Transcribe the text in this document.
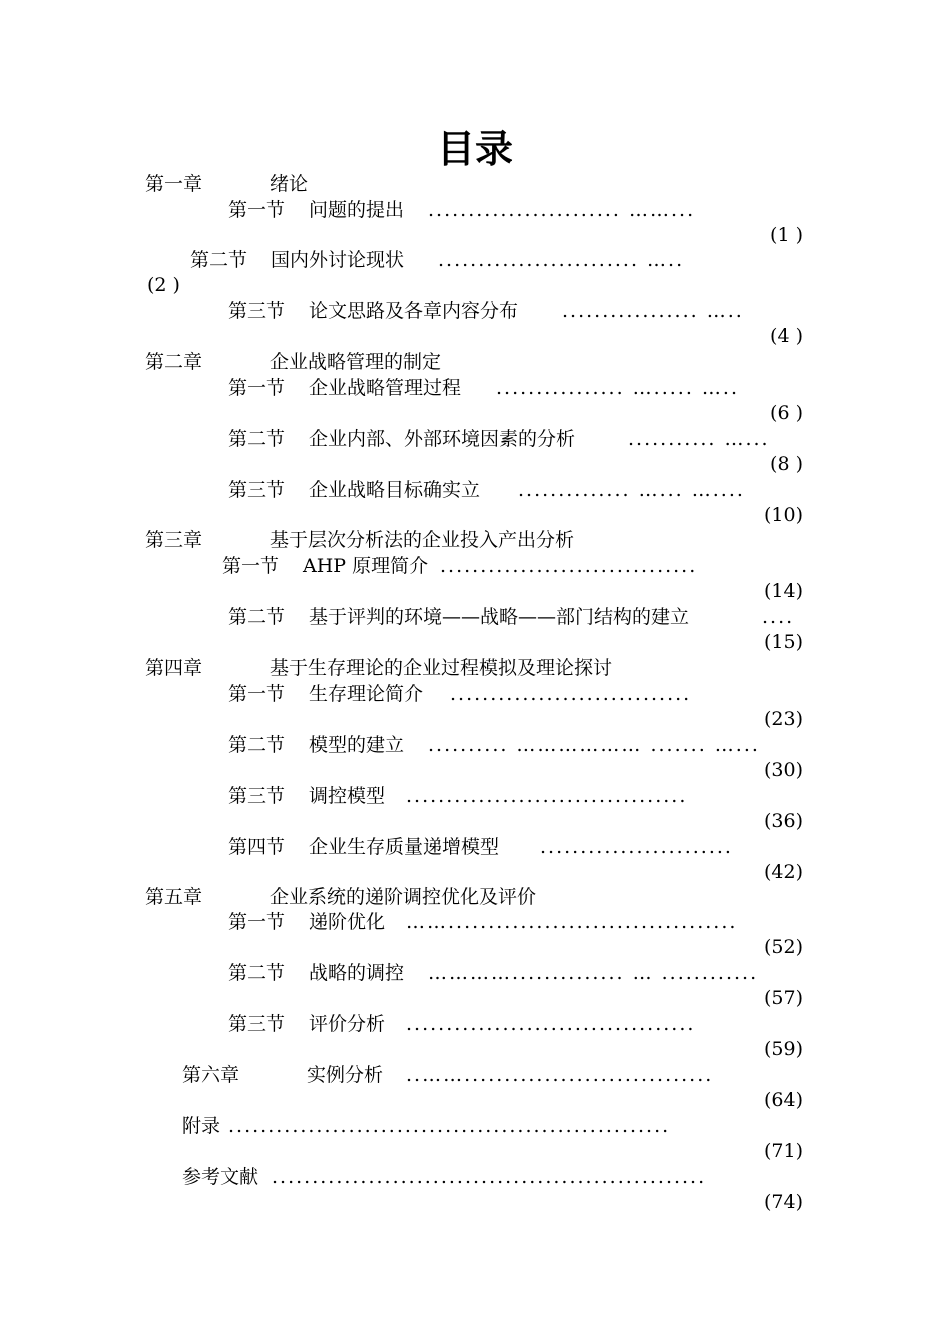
目录
第一章	绪论
第一节 问题的提出 ........................ ……...
(1 )
第二节 国内外讨论现状 ......................... …..
(2 )
第三节 论文思路及各章内容分布 ................. …..
(4 )
第二章	企业战略管理的制定
第一节 企业战略管理过程 ................ …..... …..
(6 )
第二节 企业内部、外部环境因素的分析	........... …...
(8 )
第三节 企业战略目标确实立 .............. …... …....
(10)
第三章	基于层次分析法的企业投入产出分析
第一节 AHP 原理简介 ................................
(14)
第二节 基于评判的环境——战略——部门结构的建立	....
(15)
第四章	基于生存理论的企业过程模拟及理论探讨
第一节 生存理论简介 ..............................
(23)
第二节 模型的建立 .......... ……………… ....... …...
(30)
第三节 调控模型 ...................................
(36)
第四节 企业生存质量递增模型 ........................
(42)
第五章	企业系统的递阶调控优化及评价
第一节 递阶优化 ……....................................
(52)
第二节 战略的调控 ………….............. … ............
(57)
第三节 评价分析 ....................................
(59)
第六章	实例分析 ..……...............................
(64)
附录 .......................................................
(71)
参考文献 ......................................................
(74)
